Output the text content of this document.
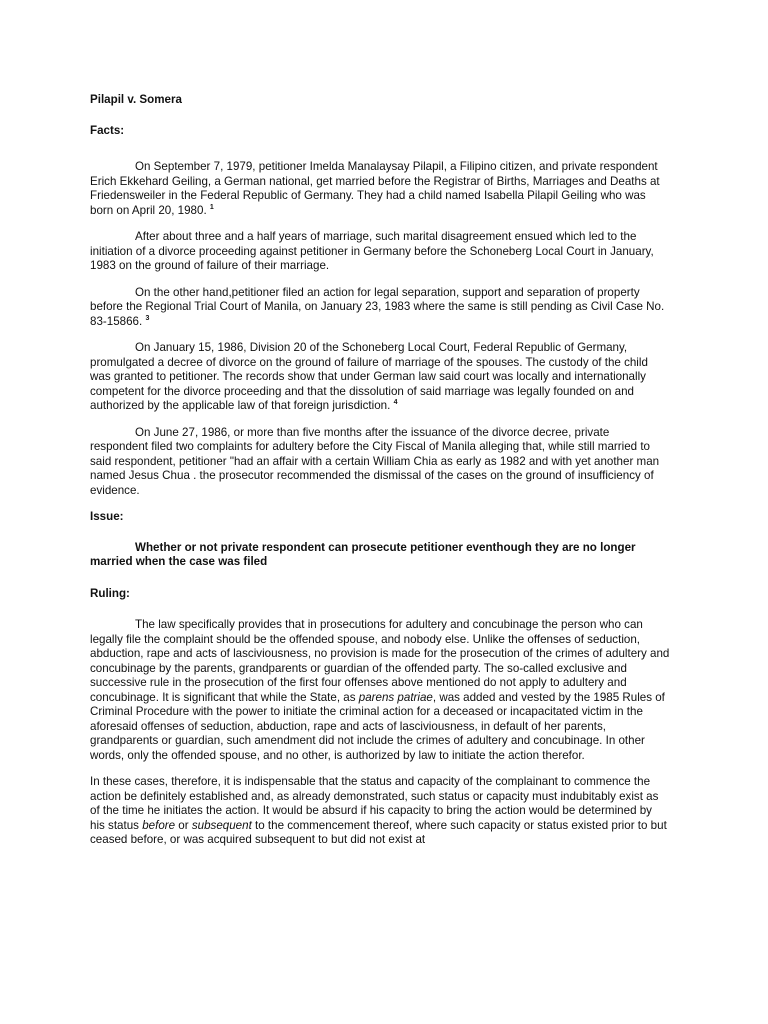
Pilapil v. Somera

Facts:

On September 7, 1979, petitioner Imelda Manalaysay Pilapil, a Filipino citizen, and private respondent Erich Ekkehard Geiling, a German national, get married before the Registrar of Births, Marriages and Deaths at Friedensweiler in the Federal Republic of Germany. They had a child named Isabella Pilapil Geiling who was born on April 20, 1980. $^1$

After about three and a half years of marriage, such marital disagreement ensued which led to the initiation of a divorce proceeding against petitioner in Germany before the Schoneberg Local Court in January, 1983 on the ground of failure of their marriage.

On the other hand,petitioner filed an action for legal separation, support and separation of property before the Regional Trial Court of Manila, on January 23, 1983 where the same is still pending as Civil Case No. 83-15866. $^3$

On January 15, 1986, Division 20 of the Schoneberg Local Court, Federal Republic of Germany, promulgated a decree of divorce on the ground of failure of marriage of the spouses. The custody of the child was granted to petitioner. The records show that under German law said court was locally and internationally competent for the divorce proceeding and that the dissolution of said marriage was legally founded on and authorized by the applicable law of that foreign jurisdiction. $^4$

On June 27, 1986, or more than five months after the issuance of the divorce decree, private respondent filed two complaints for adultery before the City Fiscal of Manila alleging that, while still married to said respondent, petitioner "had an affair with a certain William Chia as early as 1982 and with yet another man named Jesus Chua . the prosecutor recommended the dismissal of the cases on the ground of insufficiency of evidence.

Issue:

Whether or not private respondent can prosecute petitioner eventhough they are no longer married when the case was filed

Ruling:

The law specifically provides that in prosecutions for adultery and concubinage the person who can legally file the complaint should be the offended spouse, and nobody else. Unlike the offenses of seduction, abduction, rape and acts of lasciviousness, no provision is made for the prosecution of the crimes of adultery and concubinage by the parents, grandparents or guardian of the offended party. The so-called exclusive and successive rule in the prosecution of the first four offenses above mentioned do not apply to adultery and concubinage. It is significant that while the State, as parens patriae, was added and vested by the 1985 Rules of Criminal Procedure with the power to initiate the criminal action for a deceased or incapacitated victim in the aforesaid offenses of seduction, abduction, rape and acts of lasciviousness, in default of her parents, grandparents or guardian, such amendment did not include the crimes of adultery and concubinage. In other words, only the offended spouse, and no other, is authorized by law to initiate the action therefor.

In these cases, therefore, it is indispensable that the status and capacity of the complainant to commence the action be definitely established and, as already demonstrated, such status or capacity must indubitably exist as of the time he initiates the action. It would be absurd if his capacity to bring the action would be determined by his status before or subsequent to the commencement thereof, where such capacity or status existed prior to but ceased before, or was acquired subsequent to but did not exist at
